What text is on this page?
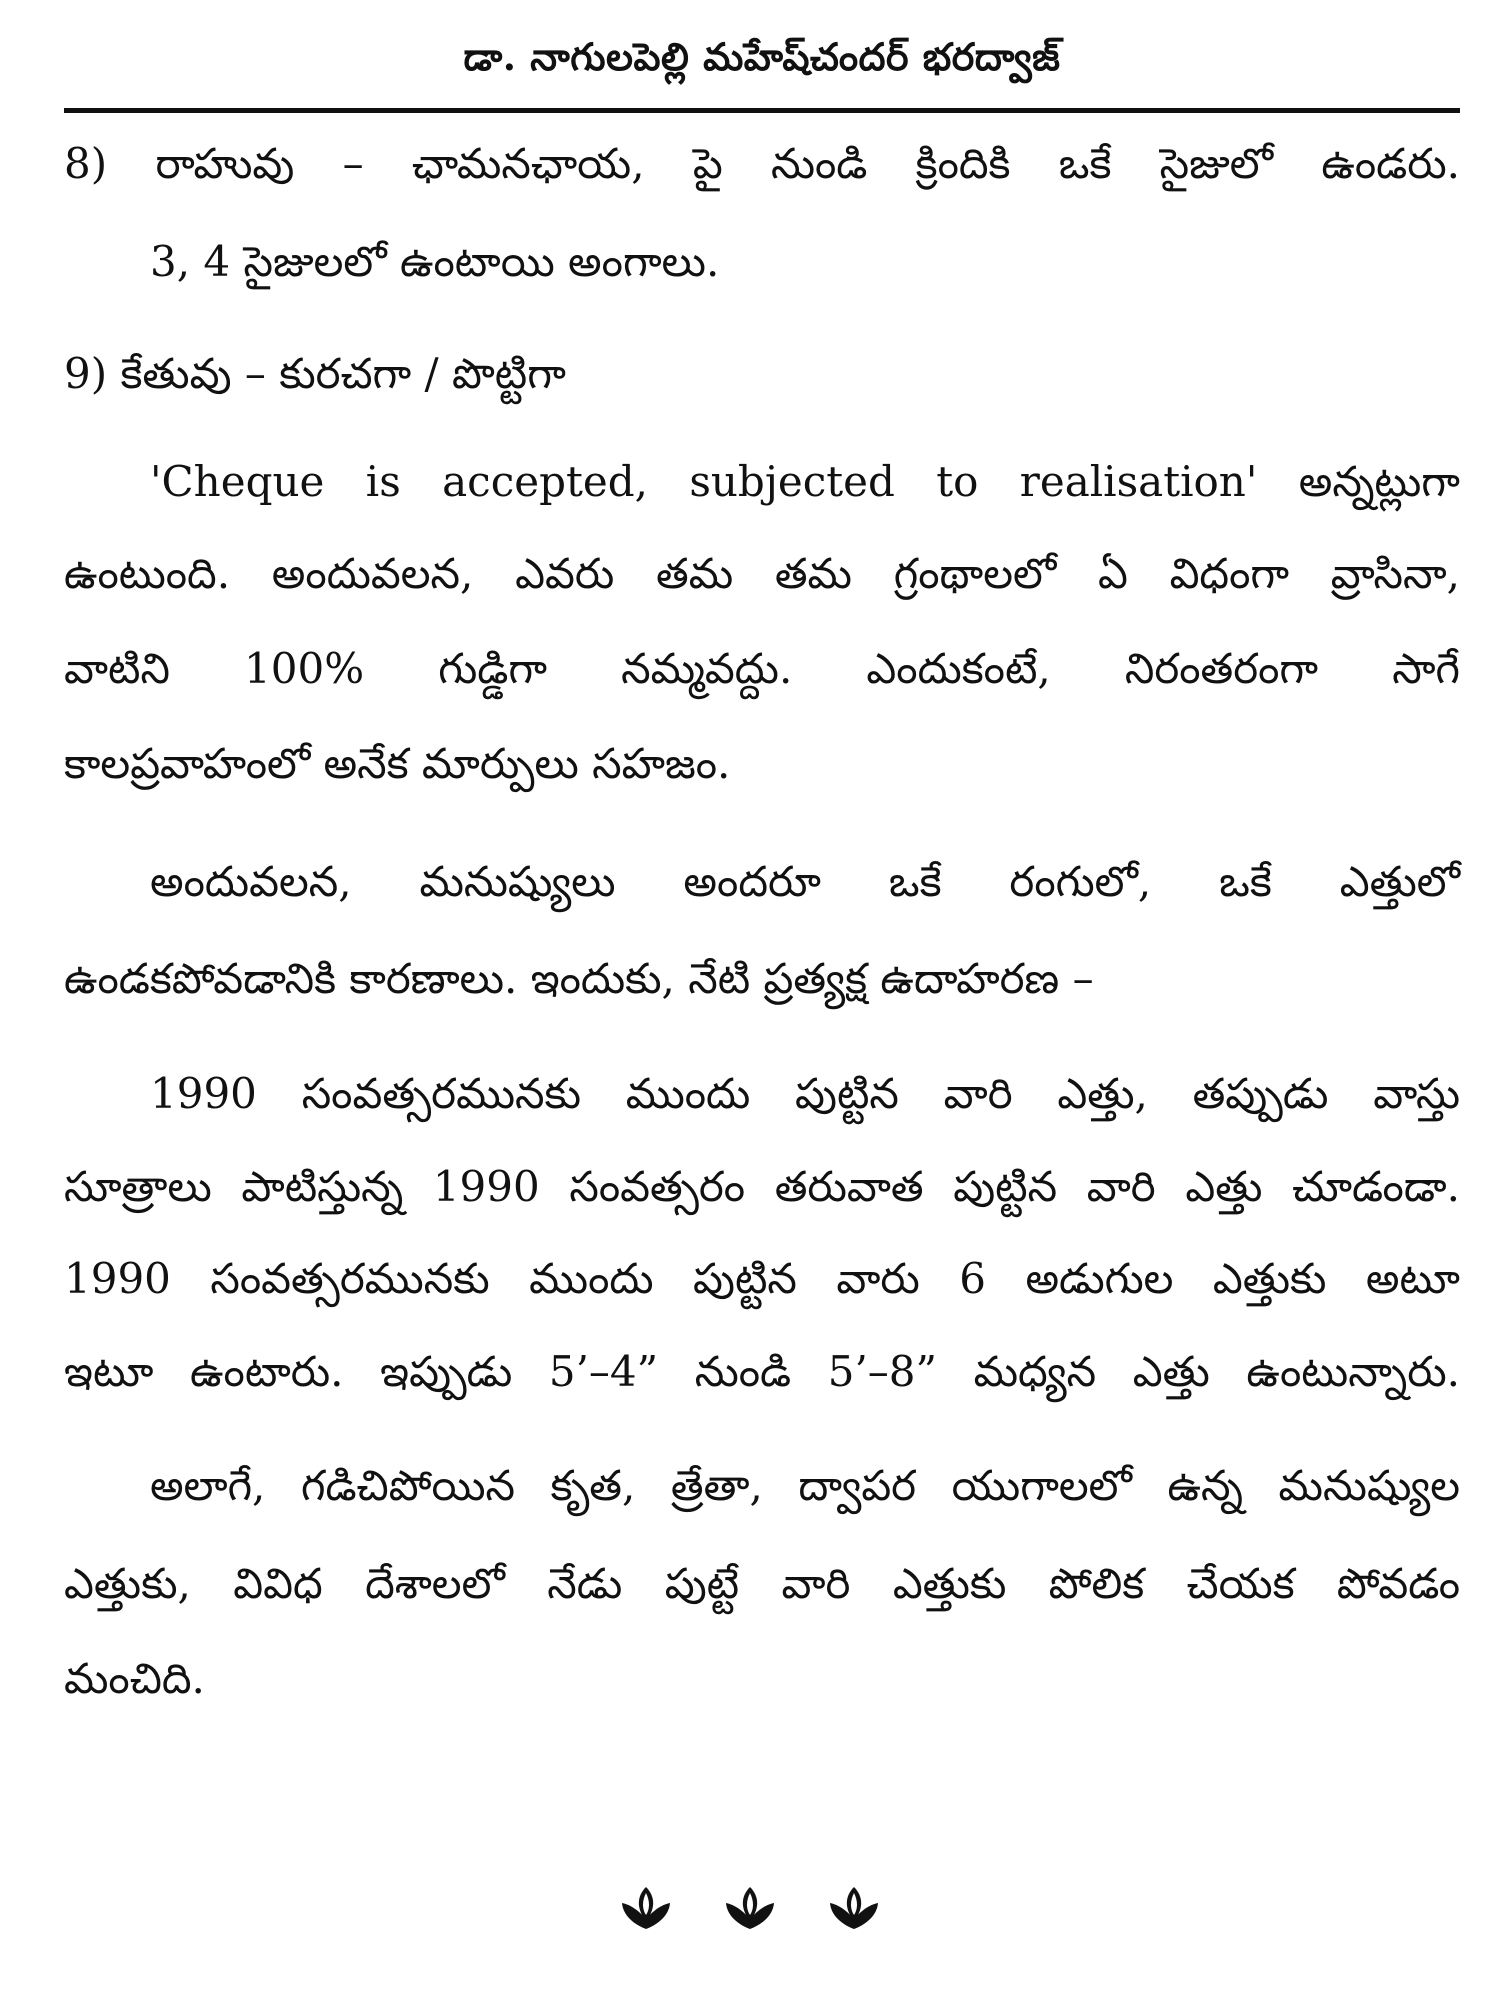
డా. నాగులపెల్లి మహేష్‌చందర్ భరద్వాజ్
8) రాహువు – ఛామనఛాయ, పై నుండి క్రిందికి ఒకే సైజులో ఉండరు.
3, 4 సైజులలో ఉంటాయి అంగాలు.
9) కేతువు – కురచగా / పొట్టిగా
'Cheque is accepted, subjected to realisation' అన్నట్లుగా
ఉంటుంది. అందువలన, ఎవరు తమ తమ గ్రంథాలలో ఏ విధంగా వ్రాసినా,
వాటిని 100% గుడ్డిగా నమ్మవద్దు. ఎందుకంటే, నిరంతరంగా సాగే
కాలప్రవాహంలో అనేక మార్పులు సహజం.
అందువలన, మనుష్యులు అందరూ ఒకే రంగులో, ఒకే ఎత్తులో
ఉండకపోవడానికి కారణాలు. ఇందుకు, నేటి ప్రత్యక్ష ఉదాహరణ –
1990 సంవత్సరమునకు ముందు పుట్టిన వారి ఎత్తు, తప్పుడు వాస్తు
సూత్రాలు పాటిస్తున్న 1990 సంవత్సరం తరువాత పుట్టిన వారి ఎత్తు చూడండా.
1990 సంవత్సరమునకు ముందు పుట్టిన వారు 6 అడుగుల ఎత్తుకు అటూ
ఇటూ ఉంటారు. ఇప్పుడు 5’–4” నుండి 5’–8” మధ్యన ఎత్తు ఉంటున్నారు.
అలాగే, గడిచిపోయిన కృత, త్రేతా, ద్వాపర యుగాలలో ఉన్న మనుష్యుల
ఎత్తుకు, వివిధ దేశాలలో నేడు పుట్టే వారి ఎత్తుకు పోలిక చేయక పోవడం
మంచిది.
